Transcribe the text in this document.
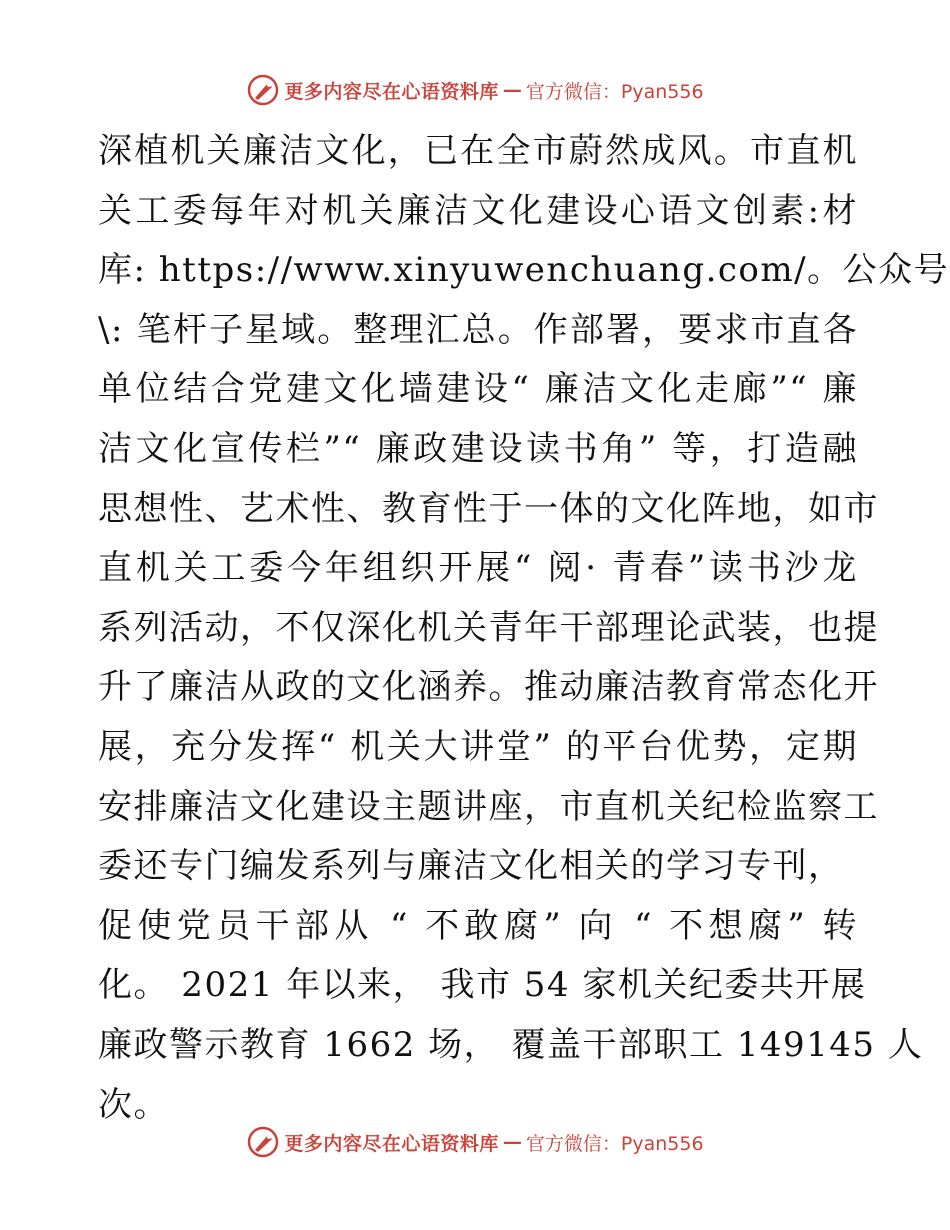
更多内容尽在心语资料库 — 官方微信：Pyan556
深植机关廉洁文化，已在全市蔚然成风。市直机
关工委每年对机关廉洁文化建设心语文创素:材
库: https://www.xinyuwenchuang.com/。公众号
\: 笔杆子星域。整理汇总。作部署，要求市直各
单位结合党建文化墙建设“ 廉洁文化走廊”“ 廉
洁文化宣传栏”“ 廉政建设读书角” 等，打造融
思想性、艺术性、教育性于一体的文化阵地，如市
直机关工委今年组织开展“ 阅· 青春”读书沙龙
系列活动，不仅深化机关青年干部理论武装，也提
升了廉洁从政的文化涵养。推动廉洁教育常态化开
展，充分发挥“ 机关大讲堂” 的平台优势，定期
安排廉洁文化建设主题讲座，市直机关纪检监察工
委还专门编发系列与廉洁文化相关的学习专刊，
促使党员干部从 “ 不敢腐” 向 “ 不想腐” 转
化。 2021 年以来， 我市 54 家机关纪委共开展
廉政警示教育 1662 场， 覆盖干部职工 149145 人
次。
更多内容尽在心语资料库 — 官方微信：Pyan556
